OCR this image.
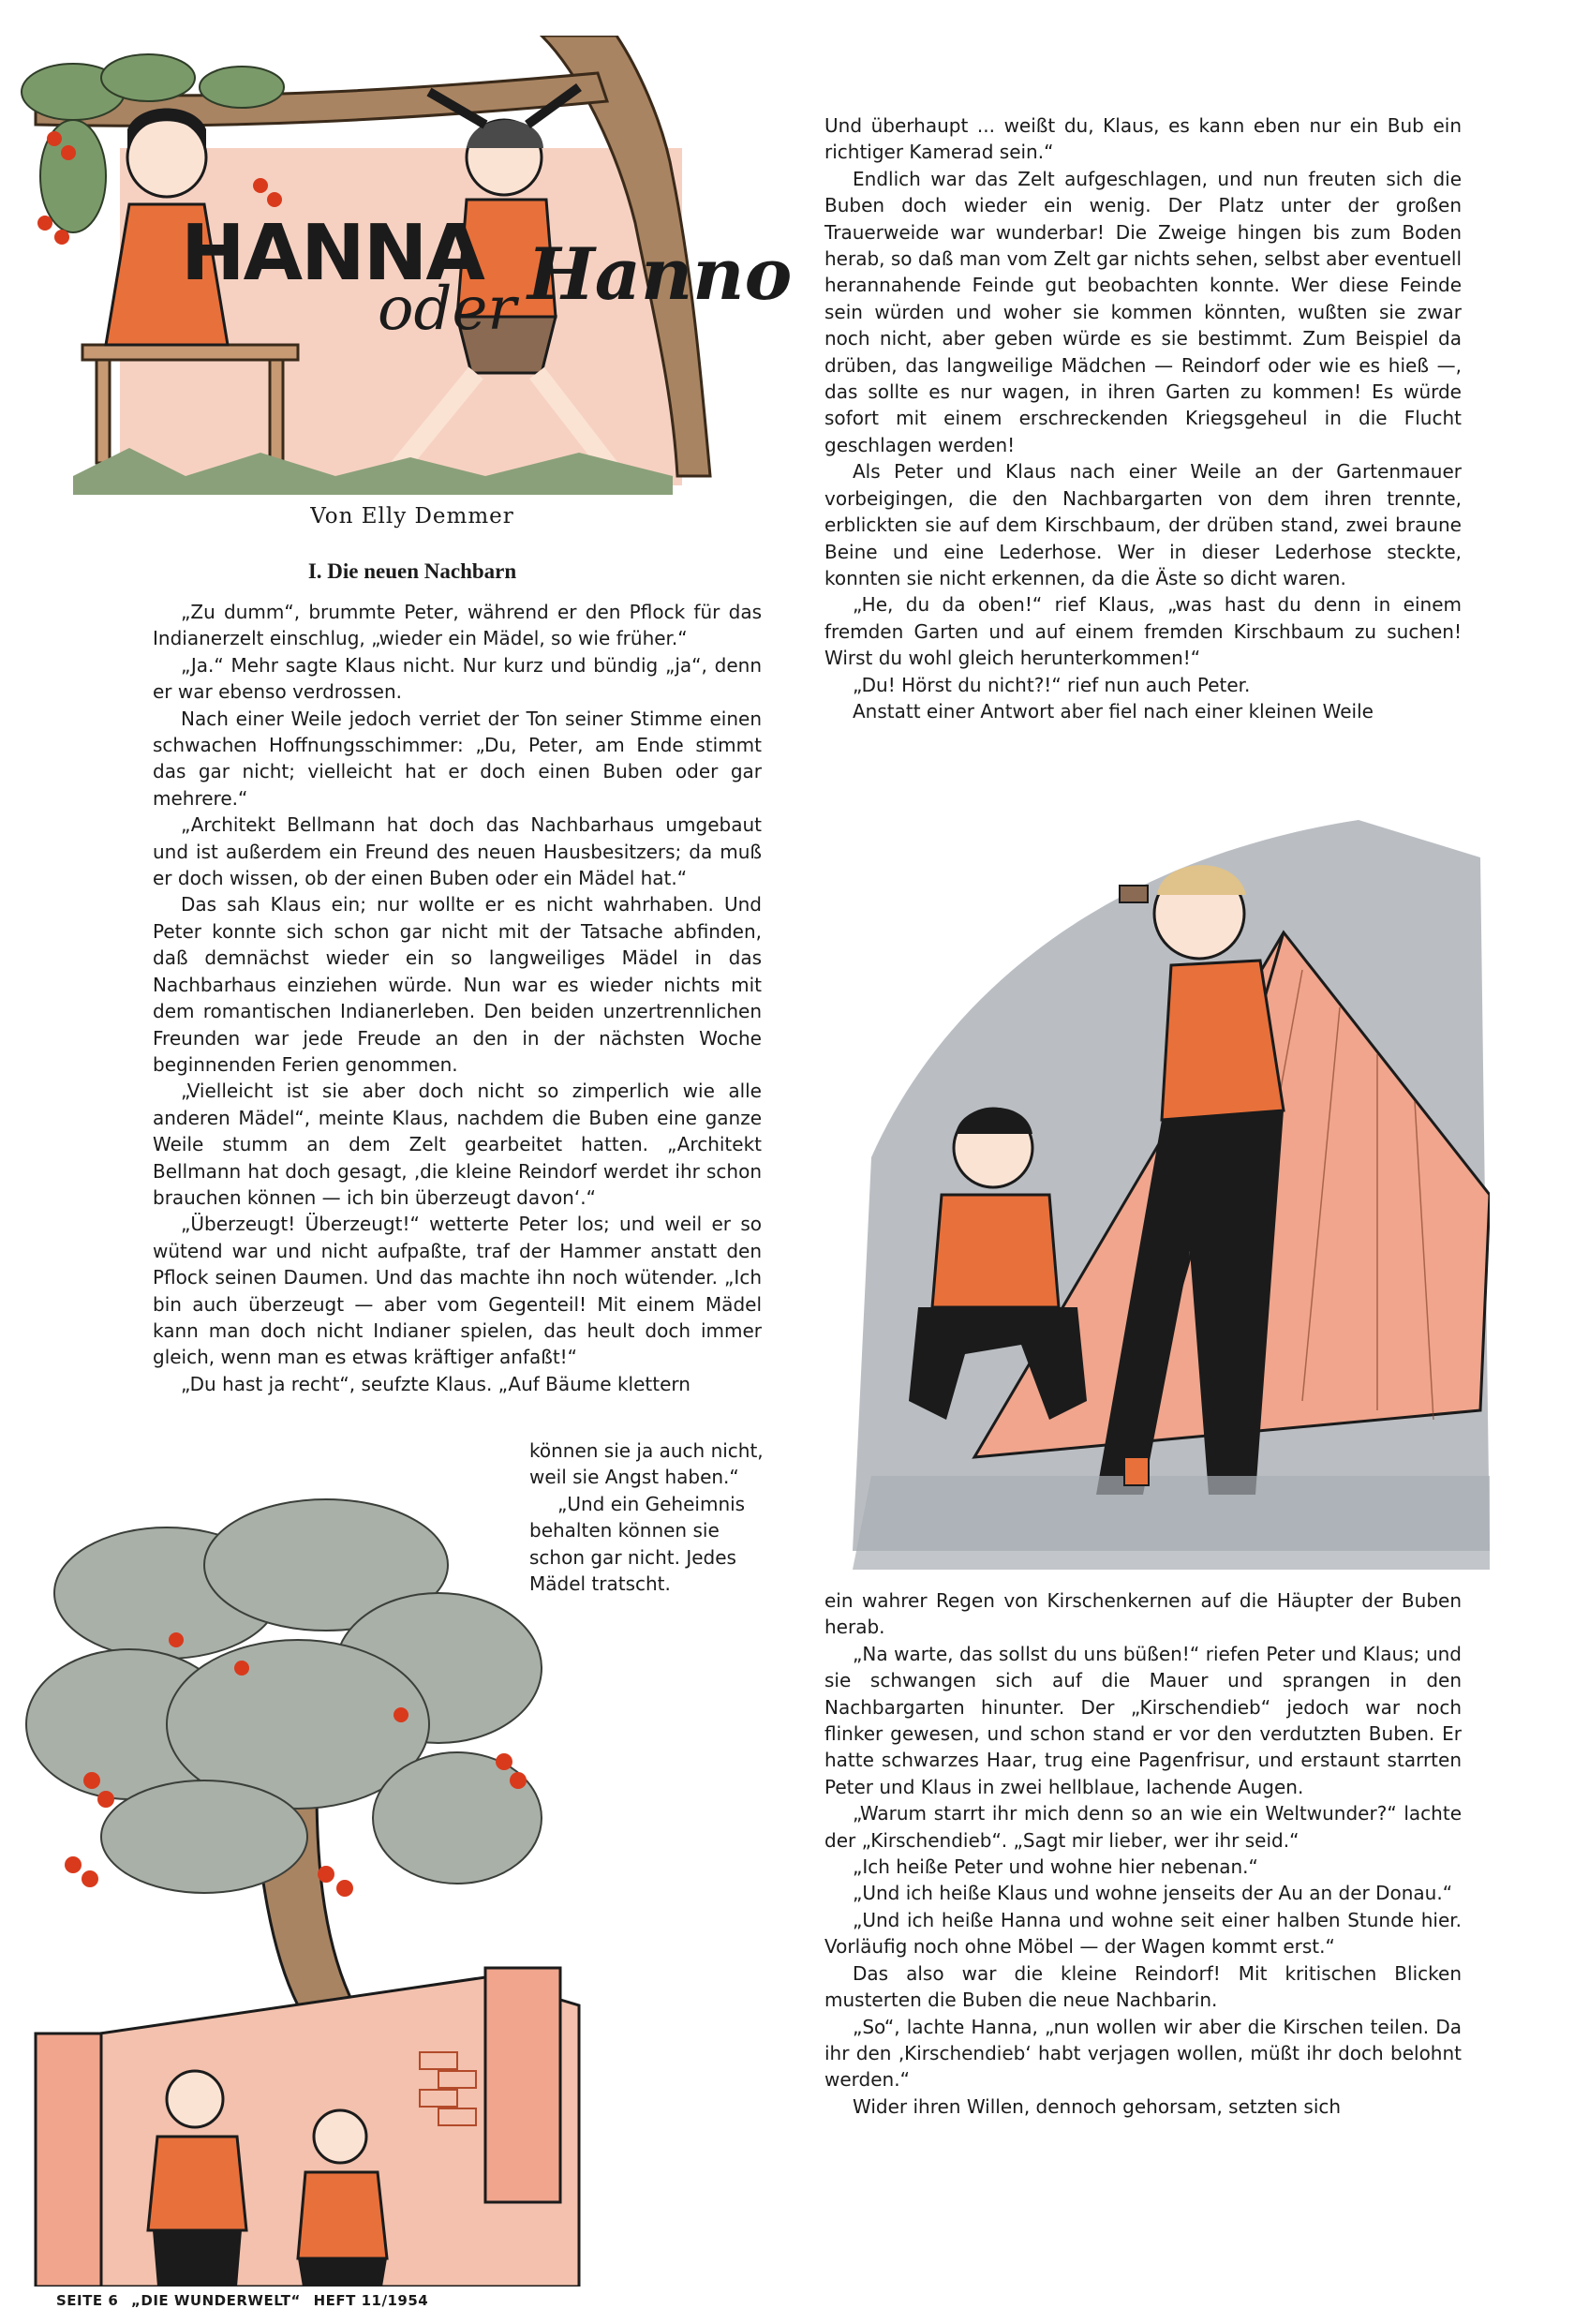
HANNA
oder Hanno
Von Elly Demmer
I. Die neuen Nachbarn

„Zu dumm“, brummte Peter, während er den Pflock für das Indianerzelt einschlug, „wieder ein Mädel, so wie früher.“

„Ja.“ Mehr sagte Klaus nicht. Nur kurz und bündig „ja“, denn er war ebenso verdrossen.

Nach einer Weile jedoch verriet der Ton seiner Stimme einen schwachen Hoffnungsschimmer: „Du, Peter, am Ende stimmt das gar nicht; vielleicht hat er doch einen Buben oder gar mehrere.“

„Architekt Bellmann hat doch das Nachbarhaus umgebaut und ist außerdem ein Freund des neuen Hausbesitzers; da muß er doch wissen, ob der einen Buben oder ein Mädel hat.“

Das sah Klaus ein; nur wollte er es nicht wahrhaben. Und Peter konnte sich schon gar nicht mit der Tatsache abfinden, daß demnächst wieder ein so langweiliges Mädel in das Nachbarhaus einziehen würde. Nun war es wieder nichts mit dem romantischen Indianerleben. Den beiden unzertrennlichen Freunden war jede Freude an den in der nächsten Woche beginnenden Ferien genommen.

„Vielleicht ist sie aber doch nicht so zimperlich wie alle anderen Mädel“, meinte Klaus, nachdem die Buben eine ganze Weile stumm an dem Zelt gearbeitet hatten. „Architekt Bellmann hat doch gesagt, ‚die kleine Reindorf werdet ihr schon brauchen können — ich bin überzeugt davon‘.“

„Überzeugt! Überzeugt!“ wetterte Peter los; und weil er so wütend war und nicht aufpaßte, traf der Hammer anstatt den Pflock seinen Daumen. Und das machte ihn noch wütender. „Ich bin auch überzeugt — aber vom Gegenteil! Mit einem Mädel kann man doch nicht Indianer spielen, das heult doch immer gleich, wenn man es etwas kräftiger anfaßt!“

„Du hast ja recht“, seufzte Klaus. „Auf Bäume klettern

können sie ja auch nicht, weil sie Angst haben.“

„Und ein Geheimnis behalten können sie schon gar nicht. Jedes Mädel tratscht.

Und überhaupt ... weißt du, Klaus, es kann eben nur ein Bub ein richtiger Kamerad sein.“

Endlich war das Zelt aufgeschlagen, und nun freuten sich die Buben doch wieder ein wenig. Der Platz unter der großen Trauerweide war wunderbar! Die Zweige hingen bis zum Boden herab, so daß man vom Zelt gar nichts sehen, selbst aber eventuell herannahende Feinde gut beobachten konnte. Wer diese Feinde sein würden und woher sie kommen könnten, wußten sie zwar noch nicht, aber geben würde es sie bestimmt. Zum Beispiel da drüben, das langweilige Mädchen — Reindorf oder wie es hieß —, das sollte es nur wagen, in ihren Garten zu kommen! Es würde sofort mit einem erschreckenden Kriegsgeheul in die Flucht geschlagen werden!

Als Peter und Klaus nach einer Weile an der Gartenmauer vorbeigingen, die den Nachbargarten von dem ihren trennte, erblickten sie auf dem Kirschbaum, der drüben stand, zwei braune Beine und eine Lederhose. Wer in dieser Lederhose steckte, konnten sie nicht erkennen, da die Äste so dicht waren.

„He, du da oben!“ rief Klaus, „was hast du denn in einem fremden Garten und auf einem fremden Kirschbaum zu suchen! Wirst du wohl gleich herunterkommen!“

„Du! Hörst du nicht?!“ rief nun auch Peter.

Anstatt einer Antwort aber fiel nach einer kleinen Weile

ein wahrer Regen von Kirschenkernen auf die Häupter der Buben herab.

„Na warte, das sollst du uns büßen!“ riefen Peter und Klaus; und sie schwangen sich auf die Mauer und sprangen in den Nachbargarten hinunter. Der „Kirschendieb“ jedoch war noch flinker gewesen, und schon stand er vor den verdutzten Buben. Er hatte schwarzes Haar, trug eine Pagenfrisur, und erstaunt starrten Peter und Klaus in zwei hellblaue, lachende Augen.

„Warum starrt ihr mich denn so an wie ein Weltwunder?“ lachte der „Kirschendieb“. „Sagt mir lieber, wer ihr seid.“

„Ich heiße Peter und wohne hier nebenan.“

„Und ich heiße Klaus und wohne jenseits der Au an der Donau.“

„Und ich heiße Hanna und wohne seit einer halben Stunde hier. Vorläufig noch ohne Möbel — der Wagen kommt erst.“

Das also war die kleine Reindorf! Mit kritischen Blicken musterten die Buben die neue Nachbarin.

„So“, lachte Hanna, „nun wollen wir aber die Kirschen teilen. Da ihr den ‚Kirschendieb‘ habt verjagen wollen, müßt ihr doch belohnt werden.“

Wider ihren Willen, dennoch gehorsam, setzten sich

SEITE 6 „DIE WUNDERWELT“ HEFT 11/1954
